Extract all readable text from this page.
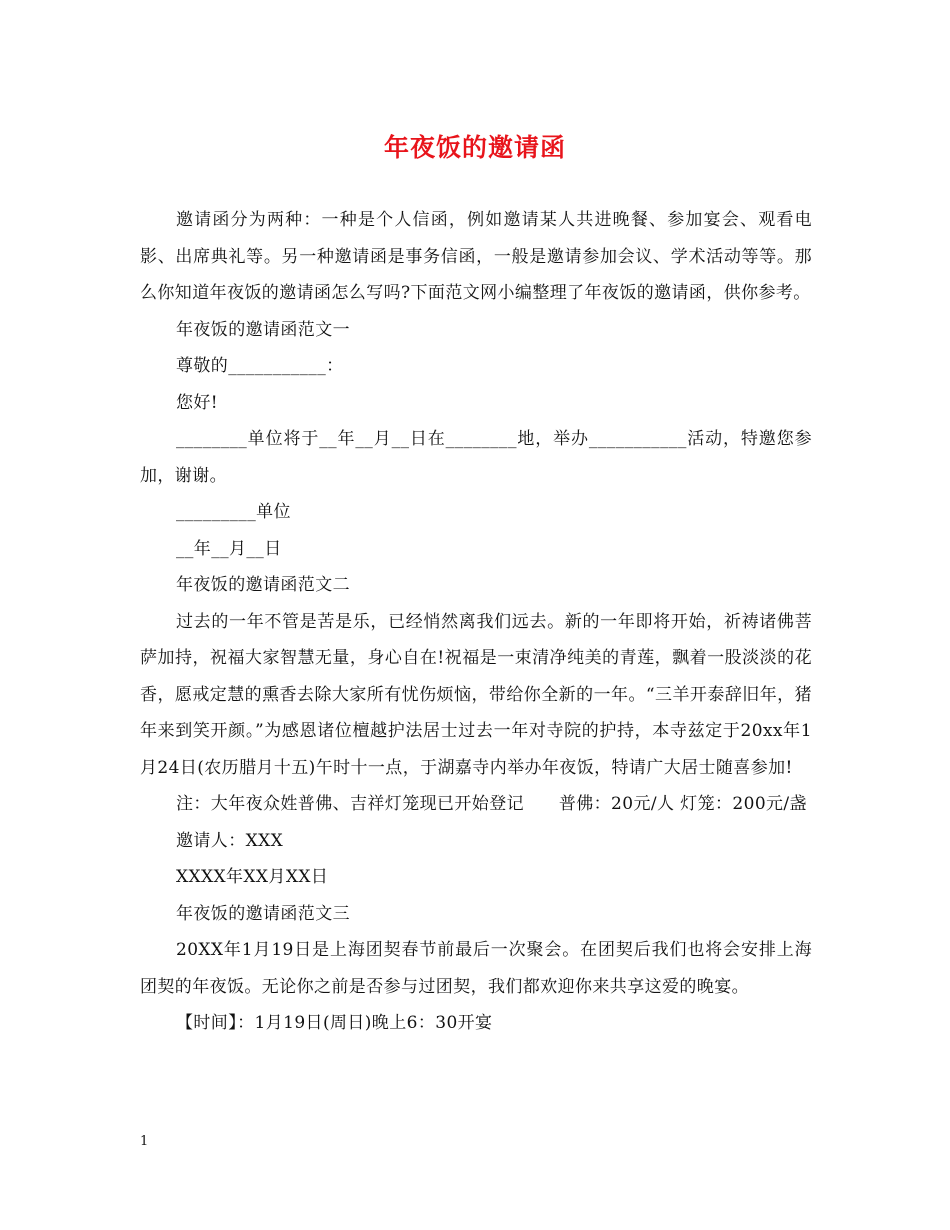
年夜饭的邀请函

邀请函分为两种：一种是个人信函，例如邀请某人共进晚餐、参加宴会、观看电影、出席典礼等。另一种邀请函是事务信函，一般是邀请参加会议、学术活动等等。那么你知道年夜饭的邀请函怎么写吗?下面范文网小编整理了年夜饭的邀请函，供你参考。

年夜饭的邀请函范文一

尊敬的___________：

您好!

________单位将于__年__月__日在________地，举办___________活动，特邀您参加，谢谢。

_________单位

__年__月__日

年夜饭的邀请函范文二

过去的一年不管是苦是乐，已经悄然离我们远去。新的一年即将开始，祈祷诸佛菩萨加持，祝福大家智慧无量，身心自在!祝福是一束清净纯美的青莲，飘着一股淡淡的花香，愿戒定慧的熏香去除大家所有忧伤烦恼，带给你全新的一年。“三羊开泰辞旧年，猪年来到笑开颜。”为感恩诸位檀越护法居士过去一年对寺院的护持，本寺兹定于20xx年1月24日(农历腊月十五)午时十一点，于湖嘉寺内举办年夜饭，特请广大居士随喜参加!

注：大年夜众姓普佛、吉祥灯笼现已开始登记      普佛：20元/人 灯笼：200元/盏

邀请人：XXX

XXXX年XX月XX日

年夜饭的邀请函范文三

20XX年1月19日是上海团契春节前最后一次聚会。在团契后我们也将会安排上海团契的年夜饭。无论你之前是否参与过团契，我们都欢迎你来共享这爱的晚宴。

【时间】：1月19日(周日)晚上6：30开宴

1
